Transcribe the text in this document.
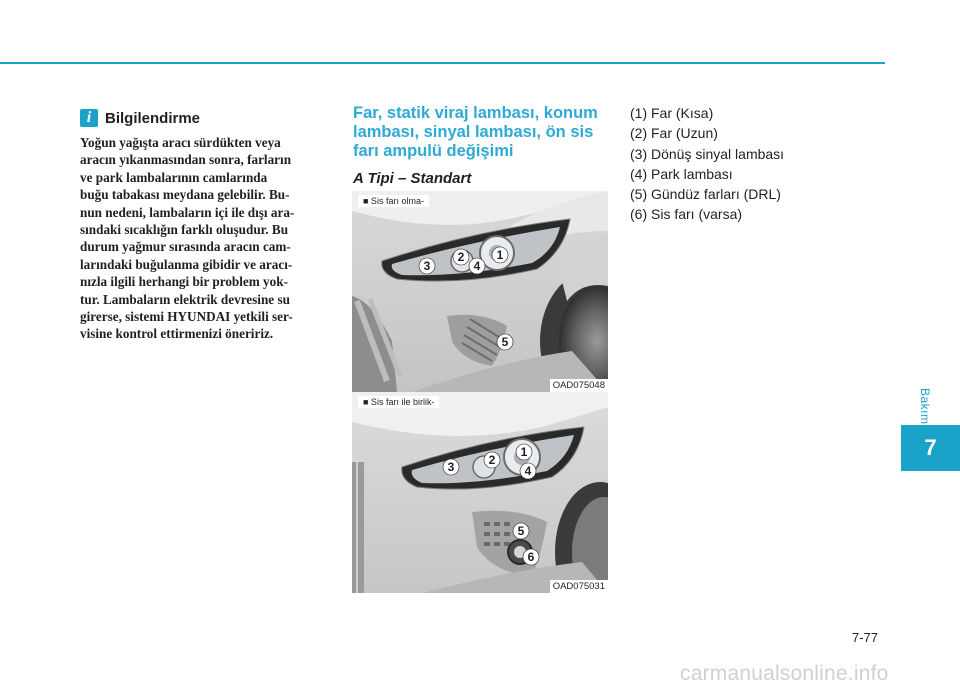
Bakım
7
i Bilgilendirme
Yoğun yağışta aracı sürdükten veya
aracın yıkanmasından sonra, farların
ve park lambalarının camlarında
buğu tabakası meydana gelebilir. Bu-
nun nedeni, lambaların içi ile dışı ara-
sındaki sıcaklığın farklı oluşudur. Bu
durum yağmur sırasında aracın cam-
larındaki buğulanma gibidir ve aracı-
nızla ilgili herhangi bir problem yok-
tur. Lambaların elektrik devresine su
girerse, sistemi HYUNDAI yetkili ser-
visine kontrol ettirmenizi öneririz.
Far, statik viraj lambası, konum
lambası, sinyal lambası, ön sis
farı ampulü değişimi
A Tipi – Standart
■ Sis farı olma-
OAD075048
1
2
3	4
5
■ Sis farı ile birlik-
OAD075031
1
2
3	4
5
6
(1) Far (Kısa)
(2) Far (Uzun)
(3) Dönüş sinyal lambası
(4) Park lambası
(5) Gündüz farları (DRL)
(6) Sis farı (varsa)
7-77
carmanualsonline.info
